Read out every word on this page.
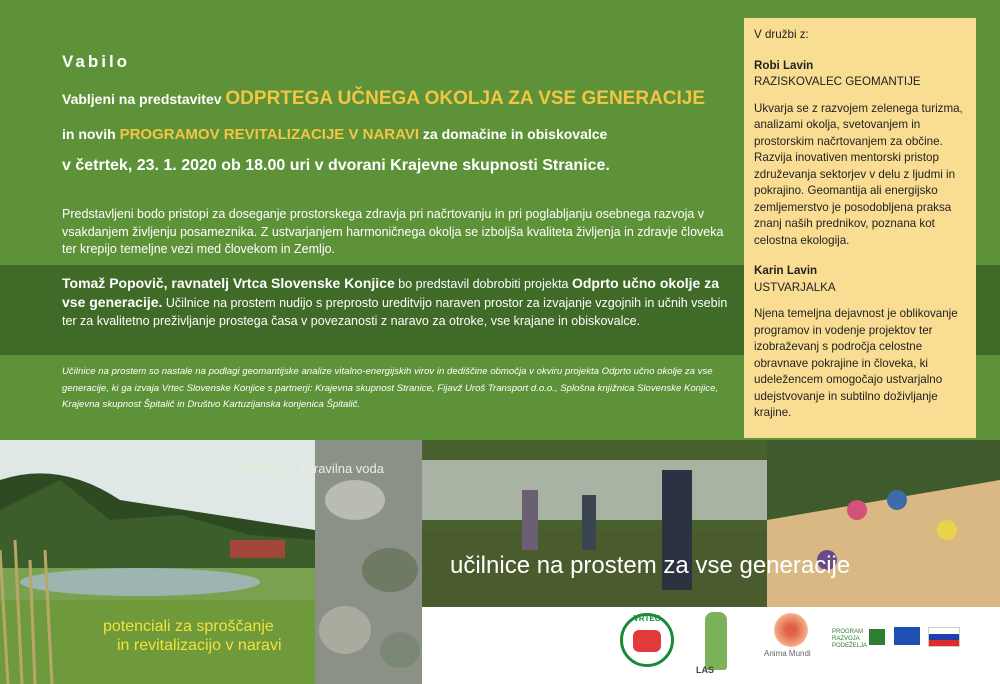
Vabilo
Vabljeni na predstavitev ODPRTEGA UČNEGA OKOLJA ZA VSE GENERACIJE
in novih PROGRAMOV REVITALIZACIJE V NARAVI za domačine in obiskovalce
v četrtek, 23. 1. 2020 ob 18.00 uri v dvorani Krajevne skupnosti Stranice.
Predstavljeni bodo pristopi za doseganje prostorskega zdravja pri načrtovanju in pri poglabljanju osebnega razvoja v vsakdanjem življenju posameznika. Z ustvarjanjem harmoničnega okolja se izboljša kvaliteta življenja in zdravje človeka ter krepijo temeljne vezi med človekom in Zemljo.
Tomaž Popovič, ravnatelj Vrtca Slovenske Konjice bo predstavil dobrobiti projekta Odprto učno okolje za vse generacije. Učilnice na prostem nudijo s preprosto ureditvijo naraven prostor za izvajanje vzgojnih in učnih vsebin ter za kvalitetno preživljanje prostega časa v povezanosti z naravo za otroke, vse krajane in obiskovalce.
Učilnice na prostem so nastale na podlagi geomantijske analize vitalno-energijskih virov in dediščine območja v okviru projekta Odprto učno okolje za vse generacije, ki ga izvaja Vrtec Slovenske Konjice s partnerji: Krajevna skupnost Stranice, Fijavž Uroš Transport d.o.o., Splošna knjižnica Slovenske Konjice, Krajevna skupnost Špitalič in Društvo Kartuzijanska konjenica Špitalič.

V družbi z:

Robi Lavin

RAZISKOVALEC GEOMANTIJE

Ukvarja se z razvojem zelenega turizma, analizami okolja, svetovanjem in prostorskim načrtovanjem za občine. Razvija inovativen mentorski pristop združevanja sektorjev v delu z ljudmi in pokrajino. Geomantija ali energijsko zemljemerstvo je posodobljena praksa znanj naših prednikov, poznana kot celostna ekologija.

Karin Lavin

USTVARJALKA

Njena temeljna dejavnost je oblikovanje programov in vodenje projektov ter izobraževanj s področja celostne obravnave pokrajine in človeka, ki udeležencem omogočajo ustvarjalno udejstvovanje in subtilno doživljanje krajine.

Stranice – zdravilna voda
učilnice na prostem za vse generacije
potenciali za sproščanje
in revitalizacijo v naravi
VRTEC
LAS
Anima Mundi
PROGRAM RAZVOJA PODEŽELJA
